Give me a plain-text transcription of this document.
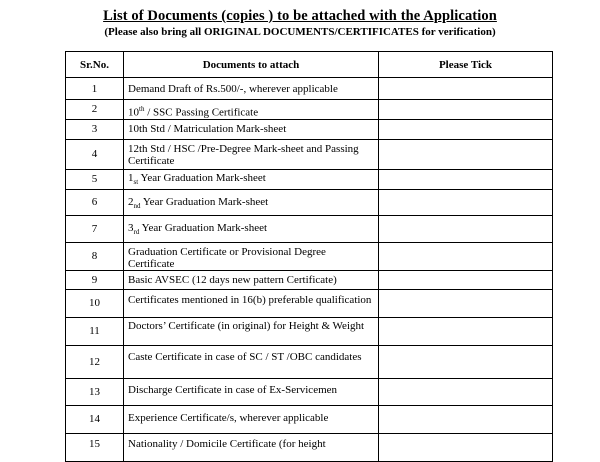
List of Documents (copies ) to be attached with the Application
(Please also bring all ORIGINAL DOCUMENTS/CERTIFICATES for verification)
Sr.No.	Documents to attach	Please Tick
1	Demand Draft of Rs.500/-, wherever applicable	
2	10th / SSC Passing Certificate	
3	10th Std / Matriculation Mark-sheet	
4	12th Std / HSC /Pre-Degree Mark-sheet and Passing Certificate	
5	$1_{st}$ Year Graduation Mark-sheet	
6	$2_{nd}$ Year Graduation Mark-sheet	
7	$3_{rd}$ Year Graduation Mark-sheet	
8	Graduation Certificate or Provisional Degree Certificate	
9	Basic AVSEC (12 days new pattern Certificate)	
10	Certificates mentioned in 16(b) preferable qualification	
11	Doctors’ Certificate (in original) for Height & Weight	
12	Caste Certificate in case of SC / ST /OBC candidates	
13	Discharge Certificate in case of Ex-Servicemen	
14	Experience Certificate/s, wherever applicable	
15	Nationality / Domicile Certificate (for height	
